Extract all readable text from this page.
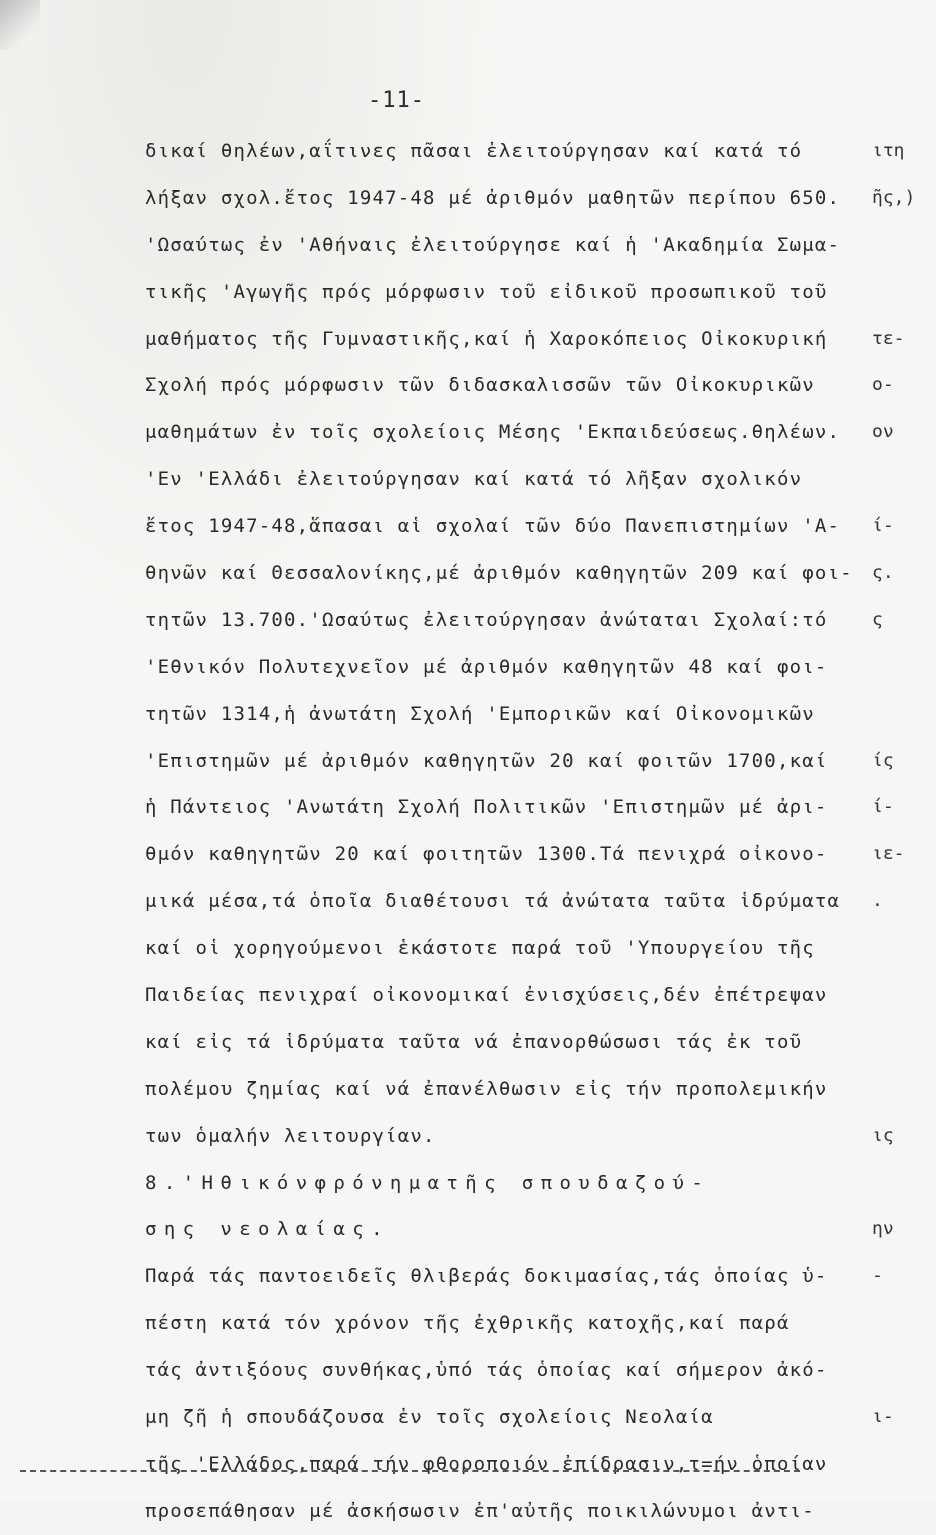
-11-
δικαί θηλέων,αΐτινες πᾶσαι ἐλειτούργησαν καί κατά τό
λήξαν σχολ.ἔτος 1947-48 μέ ἀριθμόν μαθητῶν περίπου 650.
'Ωσαύτως ἐν 'Αθήναις ἐλειτούργησε καί ἡ 'Ακαδημία Σωμα-
τικῆς 'Αγωγῆς πρός μόρφωσιν τοῦ εἰδικοῦ προσωπικοῦ τοῦ
μαθήματος τῆς Γυμναστικῆς,καί ἡ Χαροκόπειος Οἰκοκυρική
Σχολή πρός μόρφωσιν τῶν διδασκαλισσῶν τῶν Οἰκοκυρικῶν
μαθημάτων ἐν τοῖς σχολείοις Μέσης 'Εκπαιδεύσεως.θηλέων.
'Εν 'Ελλάδι ἐλειτούργησαν καί κατά τό λῆξαν σχολικόν
ἔτος 1947-48,ἅπασαι αἱ σχολαί τῶν δύο Πανεπιστημίων 'Α-
θηνῶν καί Θεσσαλονίκης,μέ ἀριθμόν καθηγητῶν 209 καί φοι-
τητῶν 13.700.'Ωσαύτως ἐλειτούργησαν ἀνώταται Σχολαί:τό
'Εθνικόν Πολυτεχνεῖον μέ ἀριθμόν καθηγητῶν 48 καί φοι-
τητῶν 1314,ἡ ἀνωτάτη Σχολή 'Εμπορικῶν καί Οἰκονομικῶν
'Επιστημῶν μέ ἀριθμόν καθηγητῶν 20 καί φοιτῶν 1700,καί
ἡ Πάντειος 'Ανωτάτη Σχολή Πολιτικῶν 'Επιστημῶν μέ ἀρι-
θμόν καθηγητῶν 20 καί φοιτητῶν 1300.Τά πενιχρά οἰκονο-
μικά μέσα,τά ὁποῖα διαθέτουσι τά ἀνώτατα ταῦτα ἱδρύματα
καί οἱ χορηγούμενοι ἑκάστοτε παρά τοῦ 'Υπουργείου τῆς
Παιδείας πενιχραί οἰκονομικαί ἐνισχύσεις,δέν ἐπέτρεψαν
καί εἰς τά ἱδρύματα ταῦτα νά ἐπανορθώσωσι τάς ἐκ τοῦ
πολέμου ζημίας καί νά ἐπανέλθωσιν εἰς τήν προπολεμικήν
των ὁμαλήν λειτουργίαν.
8.'Ηθικόνφρόνηματῆς σπουδαζού-
σης νεολαίας.
Παρά τάς παντοειδεῖς θλιβεράς δοκιμασίας,τάς ὁποίας ὑ-
πέστη κατά τόν χρόνον τῆς ἐχθρικῆς κατοχῆς,καί παρά
τάς ἀντιξόους συνθήκας,ὑπό τάς ὁποίας καί σήμερον ἀκό-
μη ζῆ ἡ σπουδάζουσα ἐν τοῖς σχολείοις Νεολαία
τῆς 'Ελλάδος,παρά τήν φθοροποιόν ἐπίδρασιν,τ=ήν ὁποίαν
προσεπάθησαν μέ ἀσκήσωσιν ἐπ'αὐτῆς ποικιλώνυμοι ἀντι-
ιτη
ῆς,)
τε-
ο-
ον
ί-
ς.
ς
ίς
ί-
ιε-
.
ις
ην
-
ι-
